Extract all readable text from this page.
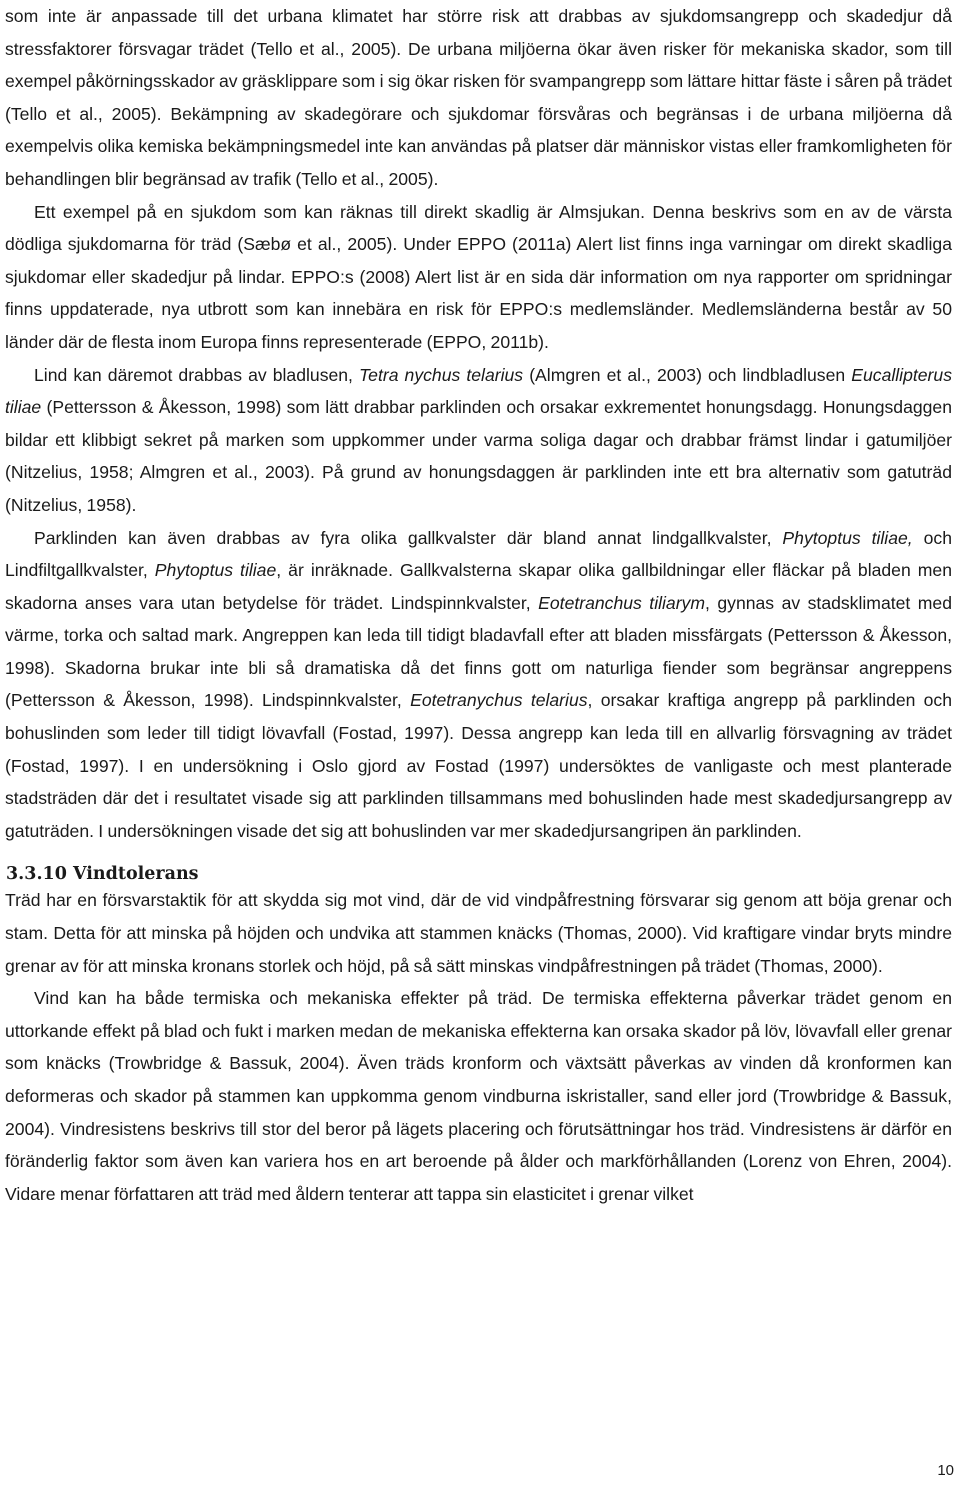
som inte är anpassade till det urbana klimatet har större risk att drabbas av sjukdomsangrepp och skadedjur då stressfaktorer försvagar trädet (Tello et al., 2005). De urbana miljöerna ökar även risker för mekaniska skador, som till exempel påkörningsskador av gräsklippare som i sig ökar risken för svampangrepp som lättare hittar fäste i såren på trädet (Tello et al., 2005). Bekämpning av skadegörare och sjukdomar försvåras och begränsas i de urbana miljöerna då exempelvis olika kemiska bekämpningsmedel inte kan användas på platser där människor vistas eller framkomligheten för behandlingen blir begränsad av trafik (Tello et al., 2005).

Ett exempel på en sjukdom som kan räknas till direkt skadlig är Almsjukan. Denna beskrivs som en av de värsta dödliga sjukdomarna för träd (Sæbø et al., 2005). Under EPPO (2011a) Alert list finns inga varningar om direkt skadliga sjukdomar eller skadedjur på lindar. EPPO:s (2008) Alert list är en sida där information om nya rapporter om spridningar finns uppdaterade, nya utbrott som kan innebära en risk för EPPO:s medlemsländer. Medlemsländerna består av 50 länder där de flesta inom Europa finns representerade (EPPO, 2011b).

Lind kan däremot drabbas av bladlusen, Tetra nychus telarius (Almgren et al., 2003) och lindbladlusen Eucallipterus tiliae (Pettersson & Åkesson, 1998) som lätt drabbar parklinden och orsakar exkrementet honungsdagg. Honungsdaggen bildar ett klibbigt sekret på marken som uppkommer under varma soliga dagar och drabbar främst lindar i gatumiljöer (Nitzelius, 1958; Almgren et al., 2003). På grund av honungsdaggen är parklinden inte ett bra alternativ som gatuträd (Nitzelius, 1958).

Parklinden kan även drabbas av fyra olika gallkvalster där bland annat lindgallkvalster, Phytoptus tiliae, och Lindfiltgallkvalster, Phytoptus tiliae, är inräknade. Gallkvalsterna skapar olika gallbildningar eller fläckar på bladen men skadorna anses vara utan betydelse för trädet. Lindspinnkvalster, Eotetranchus tiliarym, gynnas av stadsklimatet med värme, torka och saltad mark. Angreppen kan leda till tidigt bladavfall efter att bladen missfärgats (Pettersson & Åkesson, 1998). Skadorna brukar inte bli så dramatiska då det finns gott om naturliga fiender som begränsar angreppens (Pettersson & Åkesson, 1998). Lindspinnkvalster, Eotetranychus telarius, orsakar kraftiga angrepp på parklinden och bohuslinden som leder till tidigt lövavfall (Fostad, 1997). Dessa angrepp kan leda till en allvarlig försvagning av trädet (Fostad, 1997). I en undersökning i Oslo gjord av Fostad (1997) undersöktes de vanligaste och mest planterade stadsträden där det i resultatet visade sig att parklinden tillsammans med bohuslinden hade mest skadedjursangrepp av gatuträden. I undersökningen visade det sig att bohuslinden var mer skadedjursangripen än parklinden.

3.3.10 Vindtolerans

Träd har en försvarstaktik för att skydda sig mot vind, där de vid vindpåfrestning försvarar sig genom att böja grenar och stam. Detta för att minska på höjden och undvika att stammen knäcks (Thomas, 2000). Vid kraftigare vindar bryts mindre grenar av för att minska kronans storlek och höjd, på så sätt minskas vindpåfrestningen på trädet (Thomas, 2000).

Vind kan ha både termiska och mekaniska effekter på träd. De termiska effekterna påverkar trädet genom en uttorkande effekt på blad och fukt i marken medan de mekaniska effekterna kan orsaka skador på löv, lövavfall eller grenar som knäcks (Trowbridge & Bassuk, 2004). Även träds kronform och växtsätt påverkas av vinden då kronformen kan deformeras och skador på stammen kan uppkomma genom vindburna iskristaller, sand eller jord (Trowbridge & Bassuk, 2004). Vindresistens beskrivs till stor del beror på lägets placering och förutsättningar hos träd. Vindresistens är därför en föränderlig faktor som även kan variera hos en art beroende på ålder och markförhållanden (Lorenz von Ehren, 2004). Vidare menar författaren att träd med åldern tenterar att tappa sin elasticitet i grenar vilket

10
